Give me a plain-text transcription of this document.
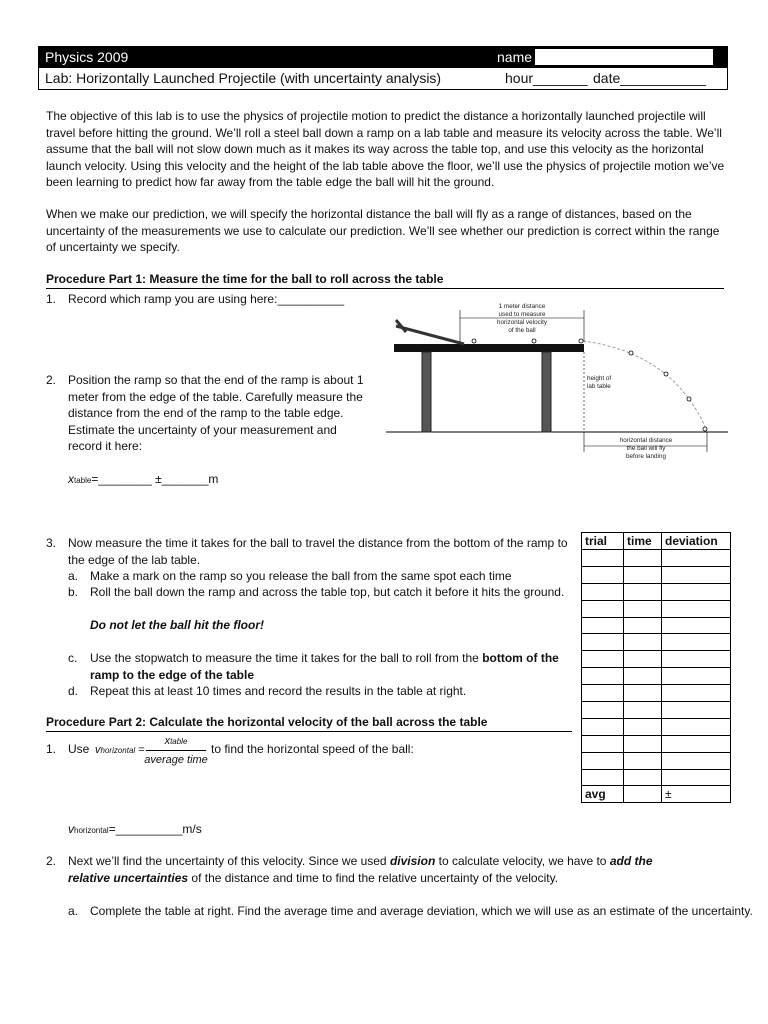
Physics 2009	name
Lab: Horizontally Launched Projectile (with uncertainty analysis)	hour_______ date___________
The objective of this lab is to use the physics of projectile motion to predict the distance a horizontally launched projectile will travel before hitting the ground. We’ll roll a steel ball down a ramp on a lab table and measure its velocity across the table. We’ll assume that the ball will not slow down much as it makes its way across the table top, and use this velocity as the horizontal launch velocity. Using this velocity and the height of the lab table above the floor, we’ll use the physics of projectile motion we’ve been learning to predict how far away from the table edge the ball will hit the ground.
When we make our prediction, we will specify the horizontal distance the ball will fly as a range of distances, based on the uncertainty of the measurements we use to calculate our prediction. We’ll see whether our prediction is correct within the range of uncertainty we specify.
Procedure Part 1: Measure the time for the ball to roll across the table
1. Record which ramp you are using here:__________
1 meter distance
used to measure
horizontal velocity
of the ball
height of
lab table
horizontal distance
the ball will fly
before landing
2. Position the ramp so that the end of the ramp is about 1 meter from the edge of the table. Carefully measure the distance from the end of the ramp to the table edge. Estimate the uncertainty of your measurement and record it here:
xtable=________ ±_______m
3. Now measure the time it takes for the ball to travel the distance from the bottom of the ramp to the edge of the lab table.
a. Make a mark on the ramp so you release the ball from the same spot each time
b. Roll the ball down the ramp and across the table top, but catch it before it hits the ground.
Do not let the ball hit the floor!
c. Use the stopwatch to measure the time it takes for the ball to roll from the bottom of the ramp to the edge of the table
d. Repeat this at least 10 times and record the results in the table at right.
trial	time	deviation

avg		±
Procedure Part 2: Calculate the horizontal velocity of the ball across the table
1. Use vhorizontal =
xtable
average time
to find the horizontal speed of the ball:
vhorizontal=__________m/s
2. Next we’ll find the uncertainty of this velocity. Since we used division to calculate velocity, we have to add the relative uncertainties of the distance and time to find the relative uncertainty of the velocity.
a. Complete the table at right. Find the average time and average deviation, which we will use as an estimate of the uncertainty.
